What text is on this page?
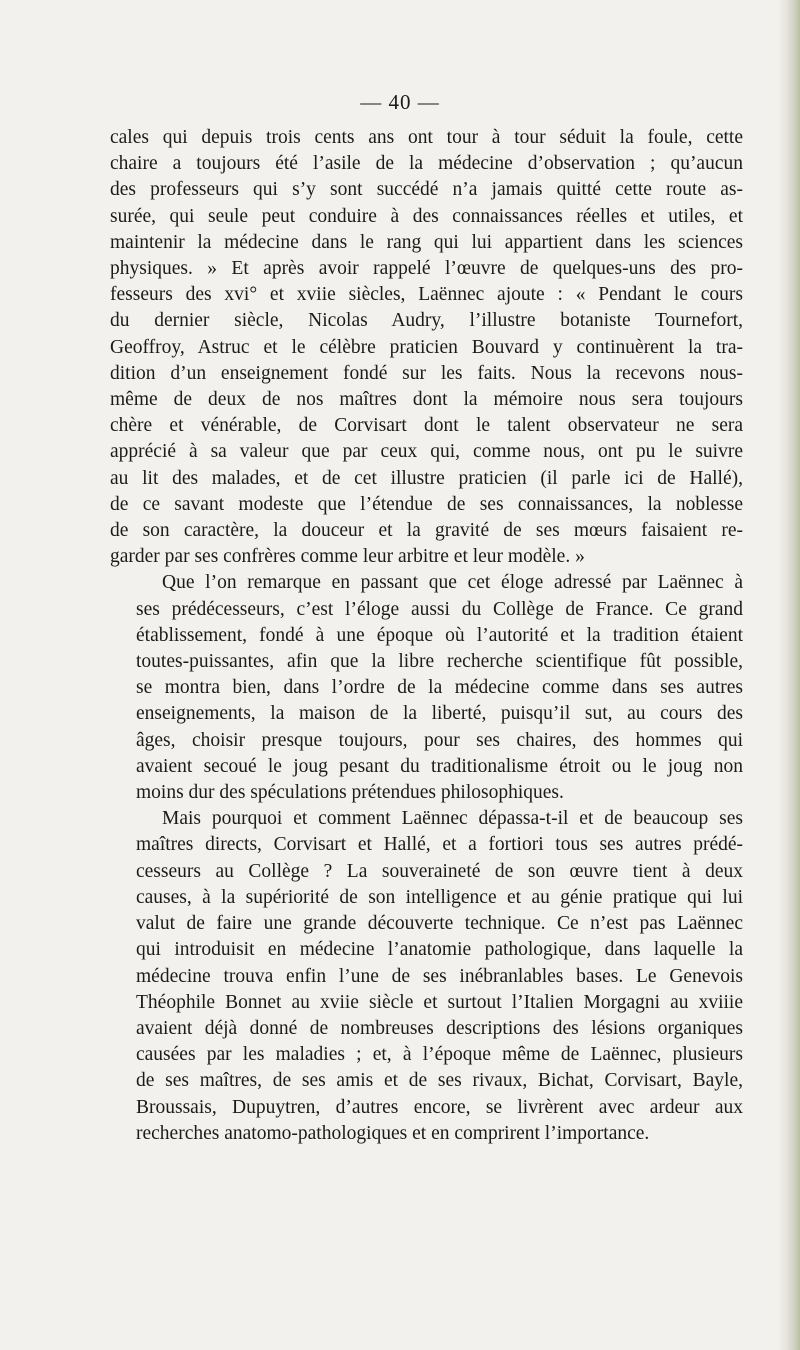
— 40 —

cales qui depuis trois cents ans ont tour à tour séduit la foule, cette
chaire a toujours été l’asile de la médecine d’observation ; qu’aucun
des professeurs qui s’y sont succédé n’a jamais quitté cette route as-
surée, qui seule peut conduire à des connaissances réelles et utiles, et
maintenir la médecine dans le rang qui lui appartient dans les sciences
physiques. » Et après avoir rappelé l’œuvre de quelques-uns des pro-
fesseurs des xvi° et xviie siècles, Laënnec ajoute : « Pendant le cours
du dernier siècle, Nicolas Audry, l’illustre botaniste Tournefort,
Geoffroy, Astruc et le célèbre praticien Bouvard y continuèrent la tra-
dition d’un enseignement fondé sur les faits. Nous la recevons nous-
même de deux de nos maîtres dont la mémoire nous sera toujours
chère et vénérable, de Corvisart dont le talent observateur ne sera
apprécié à sa valeur que par ceux qui, comme nous, ont pu le suivre
au lit des malades, et de cet illustre praticien (il parle ici de Hallé),
de ce savant modeste que l’étendue de ses connaissances, la noblesse
de son caractère, la douceur et la gravité de ses mœurs faisaient re-
garder par ses confrères comme leur arbitre et leur modèle. »

Que l’on remarque en passant que cet éloge adressé par Laënnec à
ses prédécesseurs, c’est l’éloge aussi du Collège de France. Ce grand
établissement, fondé à une époque où l’autorité et la tradition étaient
toutes-puissantes, afin que la libre recherche scientifique fût possible,
se montra bien, dans l’ordre de la médecine comme dans ses autres
enseignements, la maison de la liberté, puisqu’il sut, au cours des
âges, choisir presque toujours, pour ses chaires, des hommes qui
avaient secoué le joug pesant du traditionalisme étroit ou le joug non
moins dur des spéculations prétendues philosophiques.

Mais pourquoi et comment Laënnec dépassa-t-il et de beaucoup ses
maîtres directs, Corvisart et Hallé, et a fortiori tous ses autres prédé-
cesseurs au Collège ? La souveraineté de son œuvre tient à deux
causes, à la supériorité de son intelligence et au génie pratique qui lui
valut de faire une grande découverte technique. Ce n’est pas Laënnec
qui introduisit en médecine l’anatomie pathologique, dans laquelle la
médecine trouva enfin l’une de ses inébranlables bases. Le Genevois
Théophile Bonnet au xviie siècle et surtout l’Italien Morgagni au xviiie
avaient déjà donné de nombreuses descriptions des lésions organiques
causées par les maladies ; et, à l’époque même de Laënnec, plusieurs
de ses maîtres, de ses amis et de ses rivaux, Bichat, Corvisart, Bayle,
Broussais, Dupuytren, d’autres encore, se livrèrent avec ardeur aux
recherches anatomo-pathologiques et en comprirent l’importance.
